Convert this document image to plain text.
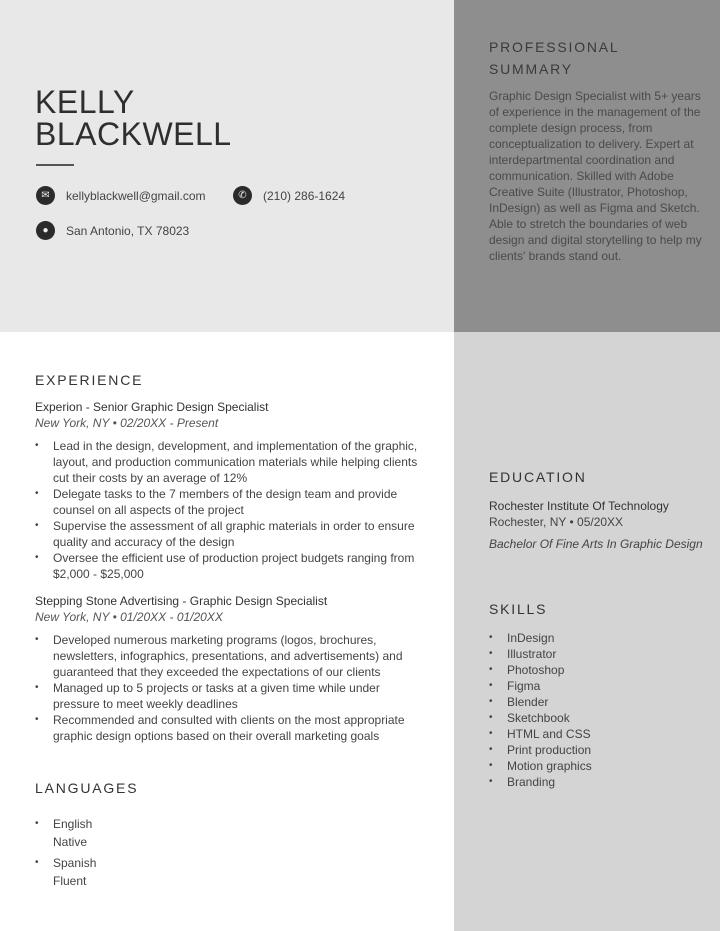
KELLY
BLACKWELL
✉	kellyblackwell@gmail.com	✆	(210) 286-1624
●	San Antonio, TX 78023
PROFESSIONAL
SUMMARY
Graphic Design Specialist with 5+ years of experience in the management of the complete design process, from conceptualization to delivery. Expert at interdepartmental coordination and communication. Skilled with Adobe Creative Suite (Illustrator, Photoshop, InDesign) as well as Figma and Sketch. Able to stretch the boundaries of web design and digital storytelling to help my clients' brands stand out.
EXPERIENCE
Experion - Senior Graphic Design Specialist
New York, NY • 02/20XX - Present
• Lead in the design, development, and implementation of the graphic, layout, and production communication materials while helping clients cut their costs by an average of 12%
• Delegate tasks to the 7 members of the design team and provide counsel on all aspects of the project
• Supervise the assessment of all graphic materials in order to ensure quality and accuracy of the design
• Oversee the efficient use of production project budgets ranging from $2,000 - $25,000
Stepping Stone Advertising - Graphic Design Specialist
New York, NY • 01/20XX - 01/20XX
• Developed numerous marketing programs (logos, brochures, newsletters, infographics, presentations, and advertisements) and guaranteed that they exceeded the expectations of our clients
• Managed up to 5 projects or tasks at a given time while under pressure to meet weekly deadlines
• Recommended and consulted with clients on the most appropriate graphic design options based on their overall marketing goals
LANGUAGES
• English
Native
• Spanish
Fluent
EDUCATION
Rochester Institute Of Technology
Rochester, NY • 05/20XX
Bachelor Of Fine Arts In Graphic Design
SKILLS
• InDesign
• Illustrator
• Photoshop
• Figma
• Blender
• Sketchbook
• HTML and CSS
• Print production
• Motion graphics
• Branding
